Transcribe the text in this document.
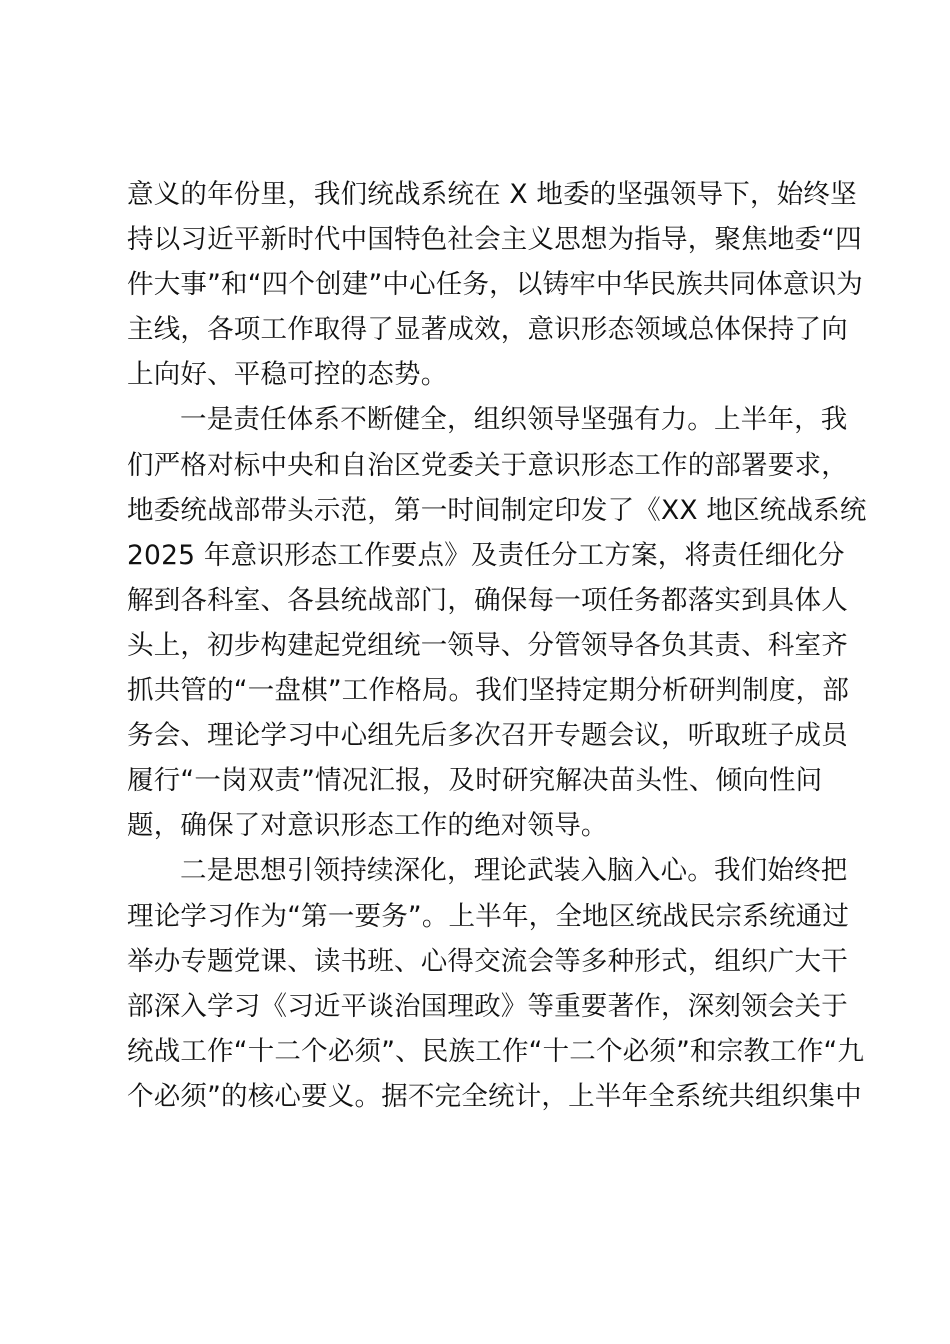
意义的年份里，我们统战系统在 X 地委的坚强领导下，始终坚
持以习近平新时代中国特色社会主义思想为指导，聚焦地委“四
件大事”和“四个创建”中心任务，以铸牢中华民族共同体意识为
主线，各项工作取得了显著成效，意识形态领域总体保持了向
上向好、平稳可控的态势。
一是责任体系不断健全，组织领导坚强有力。上半年，我
们严格对标中央和自治区党委关于意识形态工作的部署要求，
地委统战部带头示范，第一时间制定印发了《XX 地区统战系统
2025 年意识形态工作要点》及责任分工方案，将责任细化分
解到各科室、各县统战部门，确保每一项任务都落实到具体人
头上，初步构建起党组统一领导、分管领导各负其责、科室齐
抓共管的“一盘棋”工作格局。我们坚持定期分析研判制度，部
务会、理论学习中心组先后多次召开专题会议，听取班子成员
履行“一岗双责”情况汇报，及时研究解决苗头性、倾向性问
题，确保了对意识形态工作的绝对领导。
二是思想引领持续深化，理论武装入脑入心。我们始终把
理论学习作为“第一要务”。上半年，全地区统战民宗系统通过
举办专题党课、读书班、心得交流会等多种形式，组织广大干
部深入学习《习近平谈治国理政》等重要著作，深刻领会关于
统战工作“十二个必须”、民族工作“十二个必须”和宗教工作“九
个必须”的核心要义。据不完全统计，上半年全系统共组织集中
